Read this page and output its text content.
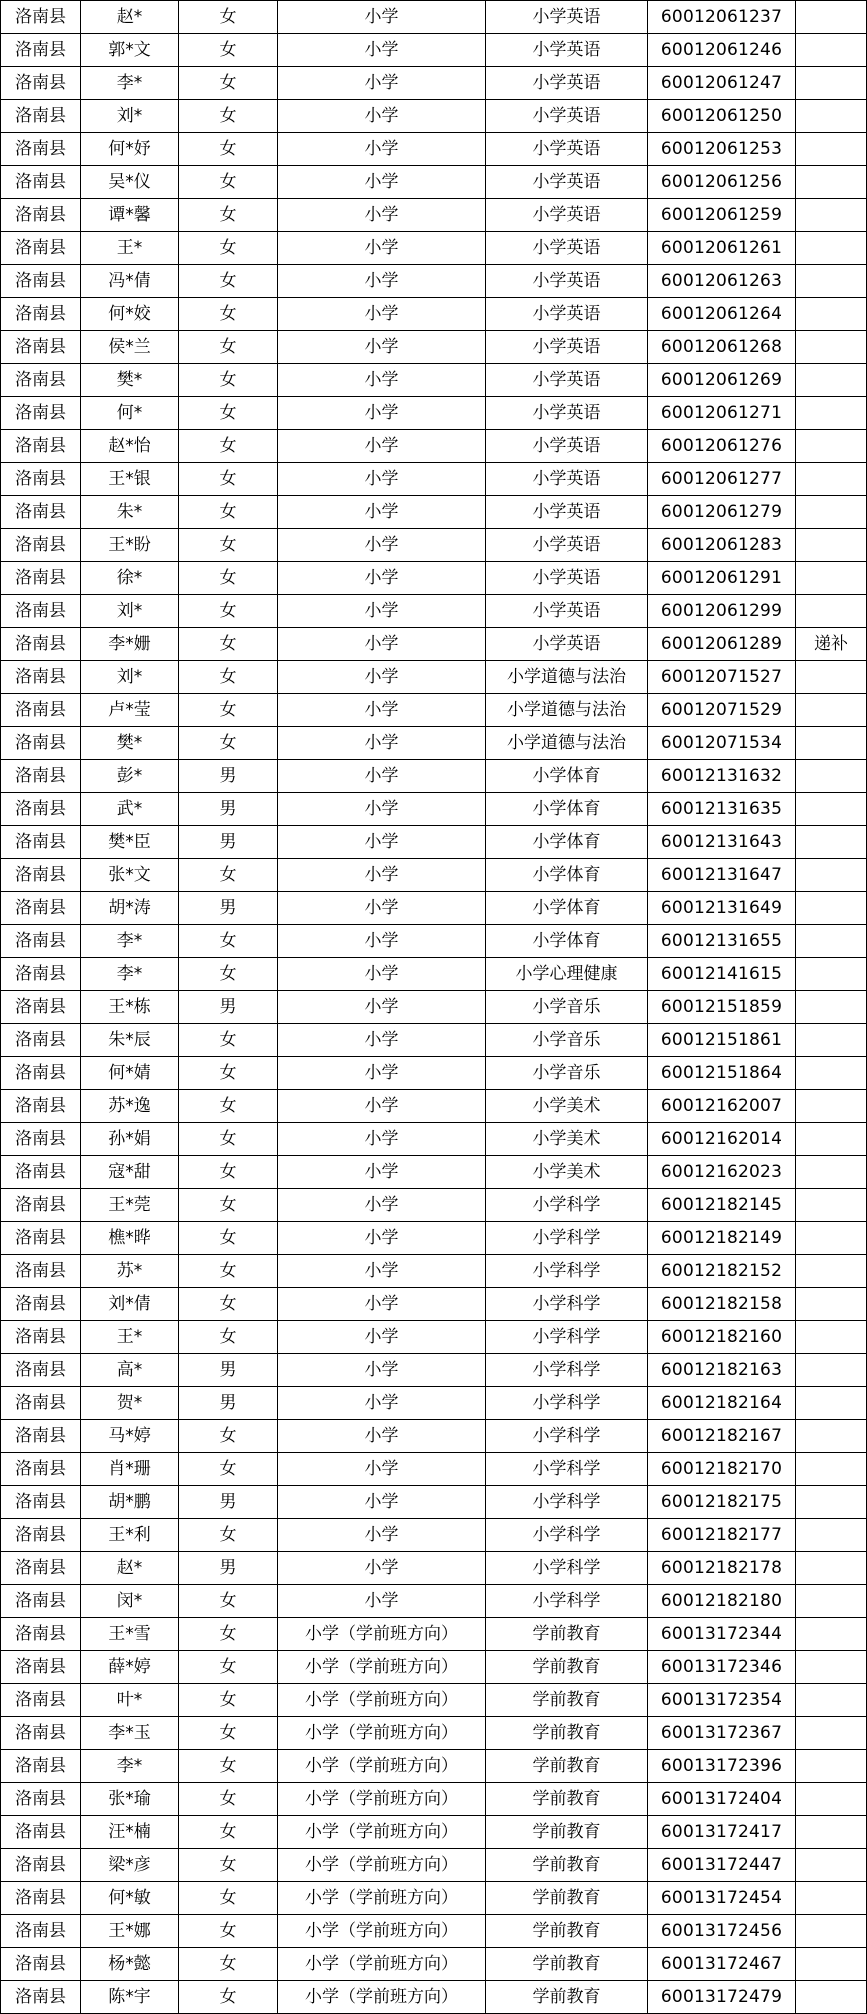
洛南县	赵*	女	小学	小学英语	60012061237	
洛南县	郭*文	女	小学	小学英语	60012061246	
洛南县	李*	女	小学	小学英语	60012061247	
洛南县	刘*	女	小学	小学英语	60012061250	
洛南县	何*妤	女	小学	小学英语	60012061253	
洛南县	吴*仪	女	小学	小学英语	60012061256	
洛南县	谭*馨	女	小学	小学英语	60012061259	
洛南县	王*	女	小学	小学英语	60012061261	
洛南县	冯*倩	女	小学	小学英语	60012061263	
洛南县	何*姣	女	小学	小学英语	60012061264	
洛南县	侯*兰	女	小学	小学英语	60012061268	
洛南县	樊*	女	小学	小学英语	60012061269	
洛南县	何*	女	小学	小学英语	60012061271	
洛南县	赵*怡	女	小学	小学英语	60012061276	
洛南县	王*银	女	小学	小学英语	60012061277	
洛南县	朱*	女	小学	小学英语	60012061279	
洛南县	王*盼	女	小学	小学英语	60012061283	
洛南县	徐*	女	小学	小学英语	60012061291	
洛南县	刘*	女	小学	小学英语	60012061299	
洛南县	李*姗	女	小学	小学英语	60012061289	递补
洛南县	刘*	女	小学	小学道德与法治	60012071527	
洛南县	卢*莹	女	小学	小学道德与法治	60012071529	
洛南县	樊*	女	小学	小学道德与法治	60012071534	
洛南县	彭*	男	小学	小学体育	60012131632	
洛南县	武*	男	小学	小学体育	60012131635	
洛南县	樊*臣	男	小学	小学体育	60012131643	
洛南县	张*文	女	小学	小学体育	60012131647	
洛南县	胡*涛	男	小学	小学体育	60012131649	
洛南县	李*	女	小学	小学体育	60012131655	
洛南县	李*	女	小学	小学心理健康	60012141615	
洛南县	王*栋	男	小学	小学音乐	60012151859	
洛南县	朱*辰	女	小学	小学音乐	60012151861	
洛南县	何*婧	女	小学	小学音乐	60012151864	
洛南县	苏*逸	女	小学	小学美术	60012162007	
洛南县	孙*娟	女	小学	小学美术	60012162014	
洛南县	寇*甜	女	小学	小学美术	60012162023	
洛南县	王*莞	女	小学	小学科学	60012182145	
洛南县	樵*晔	女	小学	小学科学	60012182149	
洛南县	苏*	女	小学	小学科学	60012182152	
洛南县	刘*倩	女	小学	小学科学	60012182158	
洛南县	王*	女	小学	小学科学	60012182160	
洛南县	高*	男	小学	小学科学	60012182163	
洛南县	贺*	男	小学	小学科学	60012182164	
洛南县	马*婷	女	小学	小学科学	60012182167	
洛南县	肖*珊	女	小学	小学科学	60012182170	
洛南县	胡*鹏	男	小学	小学科学	60012182175	
洛南县	王*利	女	小学	小学科学	60012182177	
洛南县	赵*	男	小学	小学科学	60012182178	
洛南县	闵*	女	小学	小学科学	60012182180	
洛南县	王*雪	女	小学（学前班方向）	学前教育	60013172344	
洛南县	薛*婷	女	小学（学前班方向）	学前教育	60013172346	
洛南县	叶*	女	小学（学前班方向）	学前教育	60013172354	
洛南县	李*玉	女	小学（学前班方向）	学前教育	60013172367	
洛南县	李*	女	小学（学前班方向）	学前教育	60013172396	
洛南县	张*瑜	女	小学（学前班方向）	学前教育	60013172404	
洛南县	汪*楠	女	小学（学前班方向）	学前教育	60013172417	
洛南县	梁*彦	女	小学（学前班方向）	学前教育	60013172447	
洛南县	何*敏	女	小学（学前班方向）	学前教育	60013172454	
洛南县	王*娜	女	小学（学前班方向）	学前教育	60013172456	
洛南县	杨*懿	女	小学（学前班方向）	学前教育	60013172467	
洛南县	陈*宇	女	小学（学前班方向）	学前教育	60013172479	
